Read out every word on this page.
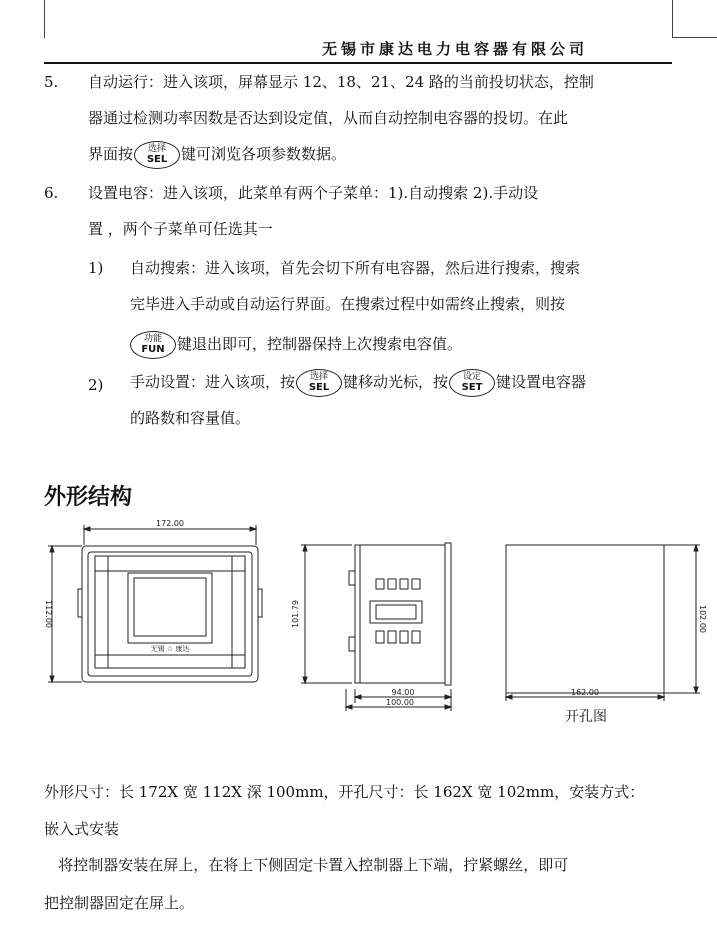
无锡市康达电力电容器有限公司
5. 自动运行：进入该项，屏幕显示 12、18、21、24 路的当前投切状态，控制
器通过检测功率因数是否达到设定值，从而自动控制电容器的投切。在此
界面按	选择
SEL 键可浏览各项参数数据。
6. 设置电容：进入该项，此菜单有两个子菜单：1).自动搜索 2).手动设
置 ，两个子菜单可任选其一
1) 自动搜索：进入该项，首先会切下所有电容器，然后进行搜索，搜索
完毕进入手动或自动运行界面。在搜索过程中如需终止搜索，则按
功能
FUN 键退出即可，控制器保持上次搜索电容值。
2) 手动设置：进入该项，按	选择
SEL 键移动光标，按	设定
SET 键设置电容器
的路数和容量值。
外形结构
172.00
112.00
无锡 ☆ 康达
101.79
94.00
100.00
162.00
102.00
开孔图
外形尺寸：长 172X 宽 112X 深 100mm，开孔尺寸：长 162X 宽 102mm，安装方式：
嵌入式安装
将控制器安装在屏上，在将上下侧固定卡置入控制器上下端，拧紧螺丝，即可
把控制器固定在屏上。
